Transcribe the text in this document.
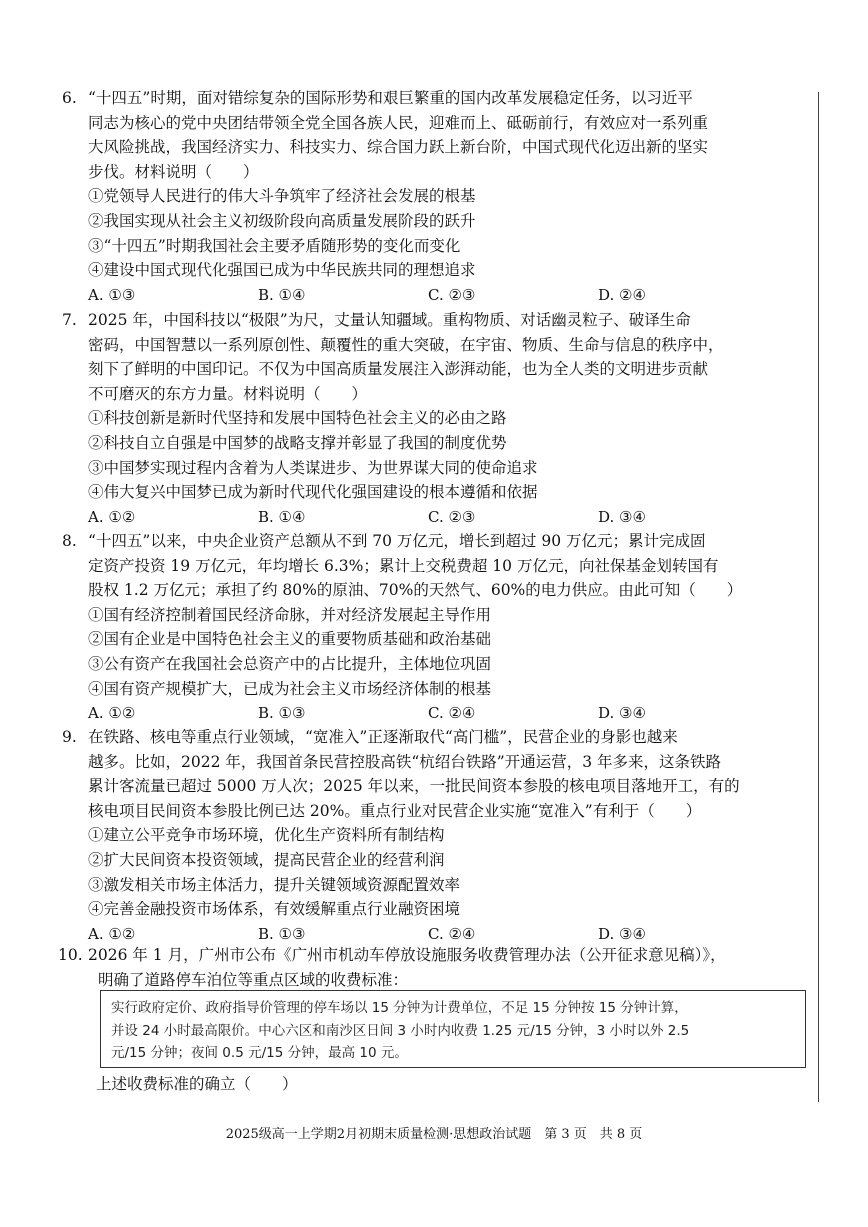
6. “十四五”时期，面对错综复杂的国际形势和艰巨繁重的国内改革发展稳定任务，以习近平
同志为核心的党中央团结带领全党全国各族人民，迎难而上、砥砺前行，有效应对一系列重
大风险挑战，我国经济实力、科技实力、综合国力跃上新台阶，中国式现代化迈出新的坚实
步伐。材料说明（　　）
①党领导人民进行的伟大斗争筑牢了经济社会发展的根基
②我国实现从社会主义初级阶段向高质量发展阶段的跃升
③“十四五”时期我国社会主要矛盾随形势的变化而变化
④建设中国式现代化强国已成为中华民族共同的理想追求
A. ①③	B. ①④	C. ②③	D. ②④
7. 2025 年，中国科技以“极限”为尺，丈量认知疆域。重构物质、对话幽灵粒子、破译生命
密码，中国智慧以一系列原创性、颠覆性的重大突破，在宇宙、物质、生命与信息的秩序中，
刻下了鲜明的中国印记。不仅为中国高质量发展注入澎湃动能，也为全人类的文明进步贡献
不可磨灭的东方力量。材料说明（　　）
①科技创新是新时代坚持和发展中国特色社会主义的必由之路
②科技自立自强是中国梦的战略支撑并彰显了我国的制度优势
③中国梦实现过程内含着为人类谋进步、为世界谋大同的使命追求
④伟大复兴中国梦已成为新时代现代化强国建设的根本遵循和依据
A. ①②	B. ①④	C. ②③	D. ③④
8. “十四五”以来，中央企业资产总额从不到 70 万亿元，增长到超过 90 万亿元；累计完成固
定资产投资 19 万亿元，年均增长 6.3%；累计上交税费超 10 万亿元，向社保基金划转国有
股权 1.2 万亿元；承担了约 80%的原油、70%的天然气、60%的电力供应。由此可知（　　）
①国有经济控制着国民经济命脉，并对经济发展起主导作用
②国有企业是中国特色社会主义的重要物质基础和政治基础
③公有资产在我国社会总资产中的占比提升，主体地位巩固
④国有资产规模扩大，已成为社会主义市场经济体制的根基
A. ①②	B. ①③	C. ②④	D. ③④
9. 在铁路、核电等重点行业领域，“宽准入”正逐渐取代“高门槛”，民营企业的身影也越来
越多。比如，2022 年，我国首条民营控股高铁“杭绍台铁路”开通运营，3 年多来，这条铁路
累计客流量已超过 5000 万人次；2025 年以来，一批民间资本参股的核电项目落地开工，有的
核电项目民间资本参股比例已达 20%。重点行业对民营企业实施“宽准入”有利于（　　）
①建立公平竞争市场环境，优化生产资料所有制结构
②扩大民间资本投资领域，提高民营企业的经营利润
③激发相关市场主体活力，提升关键领域资源配置效率
④完善金融投资市场体系，有效缓解重点行业融资困境
A. ①②	B. ①③	C. ②④	D. ③④
10. 2026 年 1 月，广州市公布《广州市机动车停放设施服务收费管理办法（公开征求意见稿）》，
明确了道路停车泊位等重点区域的收费标准：
实行政府定价、政府指导价管理的停车场以 15 分钟为计费单位，不足 15 分钟按 15 分钟计算，
并设 24 小时最高限价。中心六区和南沙区日间 3 小时内收费 1.25 元/15 分钟，3 小时以外 2.5
元/15 分钟；夜间 0.5 元/15 分钟，最高 10 元。
上述收费标准的确立（　　）
2025级高一上学期2月初期末质量检测·思想政治试题　第 3 页　共 8 页
